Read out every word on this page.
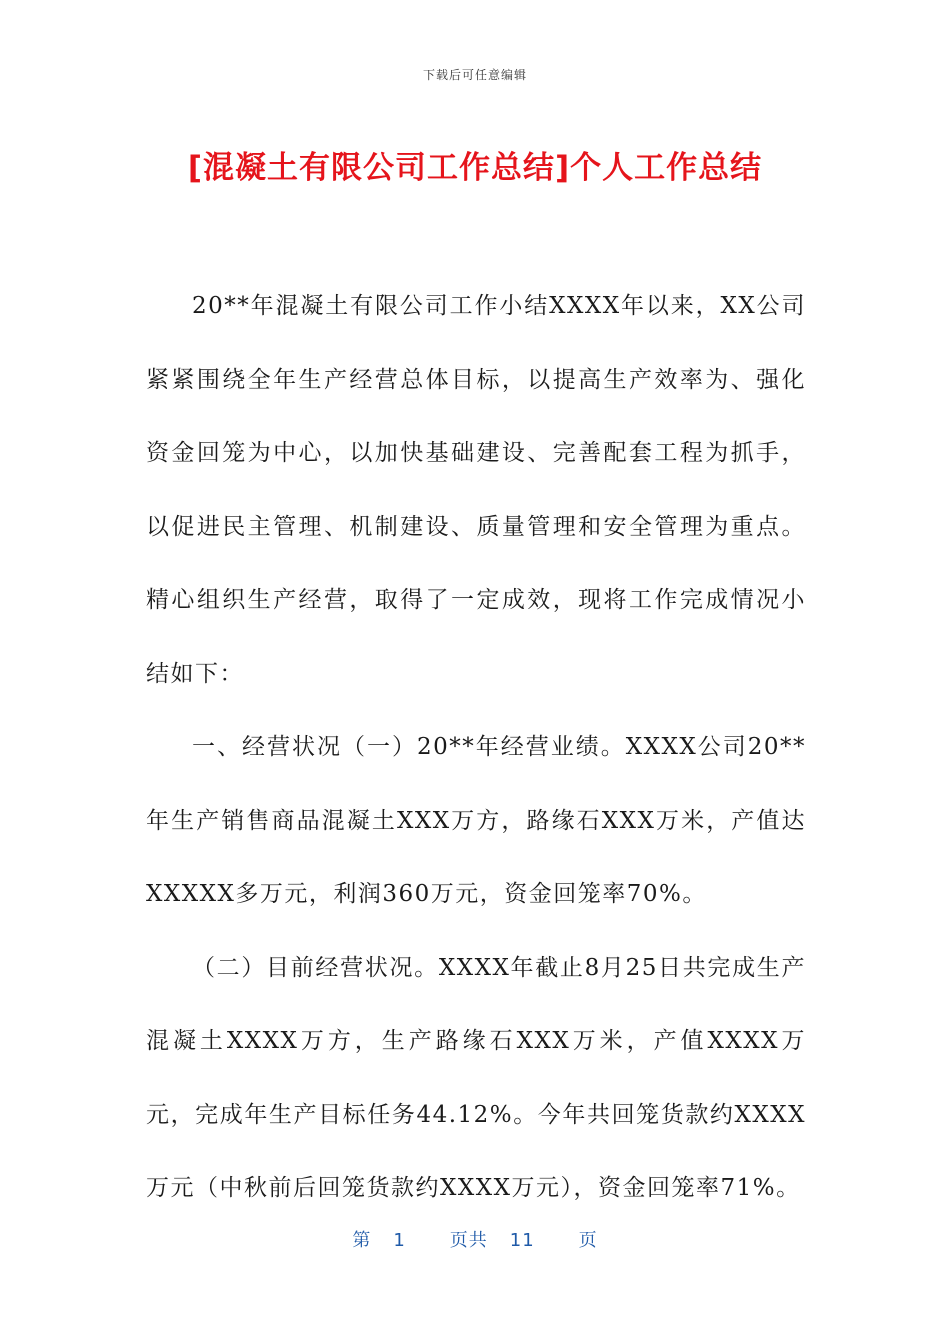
下载后可任意编辑
[混凝土有限公司工作总结]个人工作总结

20**年混凝土有限公司工作小结XXXX年以来，XX公司紧紧围绕全年生产经营总体目标，以提高生产效率为、强化资金回笼为中心，以加快基础建设、完善配套工程为抓手，以促进民主管理、机制建设、质量管理和安全管理为重点。精心组织生产经营，取得了一定成效，现将工作完成情况小结如下：

一、经营状况（一）20**年经营业绩。XXXX公司20**年生产销售商品混凝土XXX万方，路缘石XXX万米，产值达XXXXX多万元，利润360万元，资金回笼率70%。

（二）目前经营状况。XXXX年截止8月25日共完成生产混凝土XXXX万方，生产路缘石XXX万米，产值XXXX万元，完成年生产目标任务44.12%。今年共回笼货款约XXXX万元（中秋前后回笼货款约XXXX万元），资金回笼率71%。

第 1 页共 11 页
